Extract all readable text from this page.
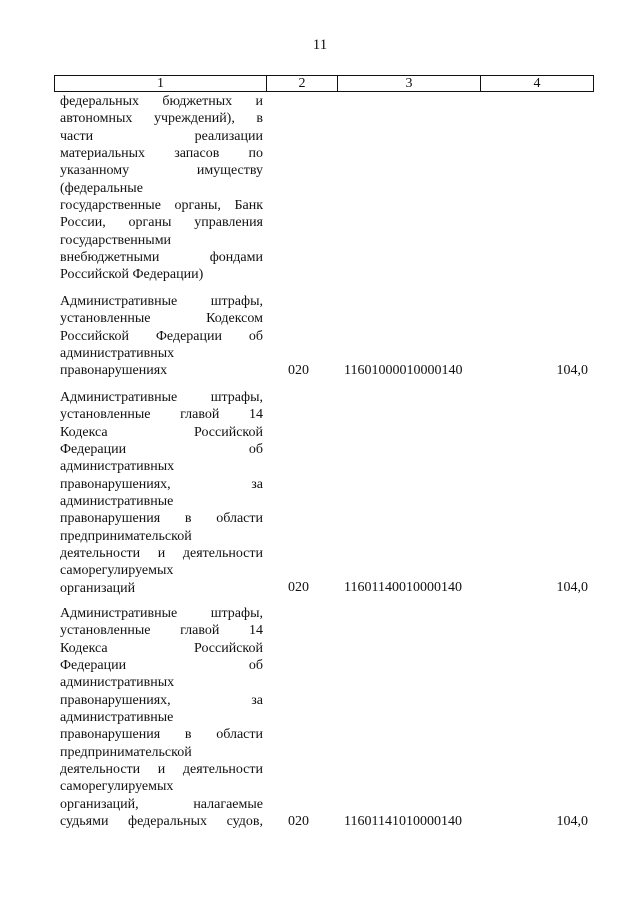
11
1	2	3	4
федеральных бюджетных и
автономных учреждений), в
части реализации
материальных запасов по
указанному имуществу
(федеральные
государственные органы, Банк
России, органы управления
государственными
внебюджетными фондами
Российской Федерации)
Административные штрафы,
установленные Кодексом
Российской Федерации об
административных
правонарушениях	020	11601000010000140	104,0
Административные штрафы,
установленные главой 14
Кодекса Российской
Федерации об
административных
правонарушениях, за
административные
правонарушения в области
предпринимательской
деятельности и деятельности
саморегулируемых
организаций	020	11601140010000140	104,0
Административные штрафы,
установленные главой 14
Кодекса Российской
Федерации об
административных
правонарушениях, за
административные
правонарушения в области
предпринимательской
деятельности и деятельности
саморегулируемых
организаций, налагаемые
судьями федеральных судов, 020	11601141010000140	104,0
